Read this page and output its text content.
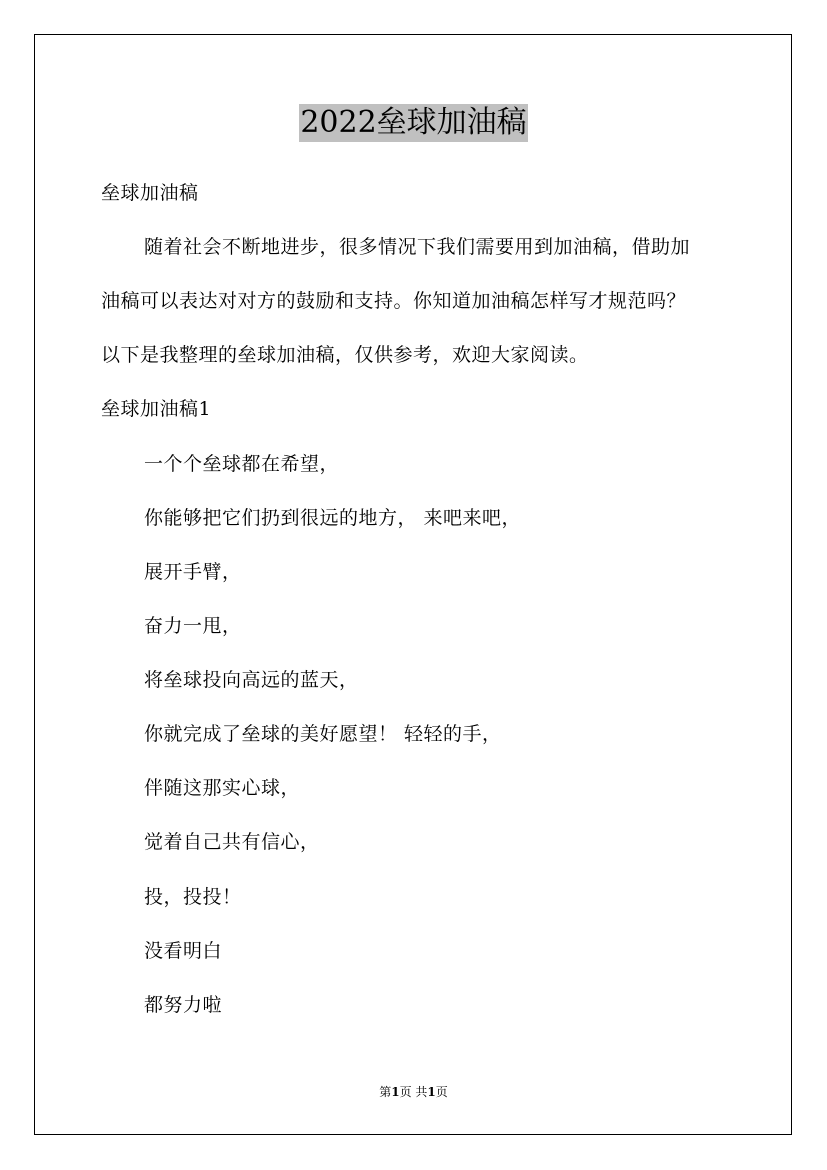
2022垒球加油稿
垒球加油稿
随着社会不断地进步，很多情况下我们需要用到加油稿，借助加
油稿可以表达对对方的鼓励和支持。你知道加油稿怎样写才规范吗？
以下是我整理的垒球加油稿，仅供参考，欢迎大家阅读。
垒球加油稿1
一个个垒球都在希望，
你能够把它们扔到很远的地方， 来吧来吧，
展开手臂，
奋力一甩，
将垒球投向高远的蓝天，
你就完成了垒球的美好愿望！ 轻轻的手，
伴随这那实心球，
觉着自己共有信心，
投，投投！
没看明白
都努力啦
第1页 共1页
